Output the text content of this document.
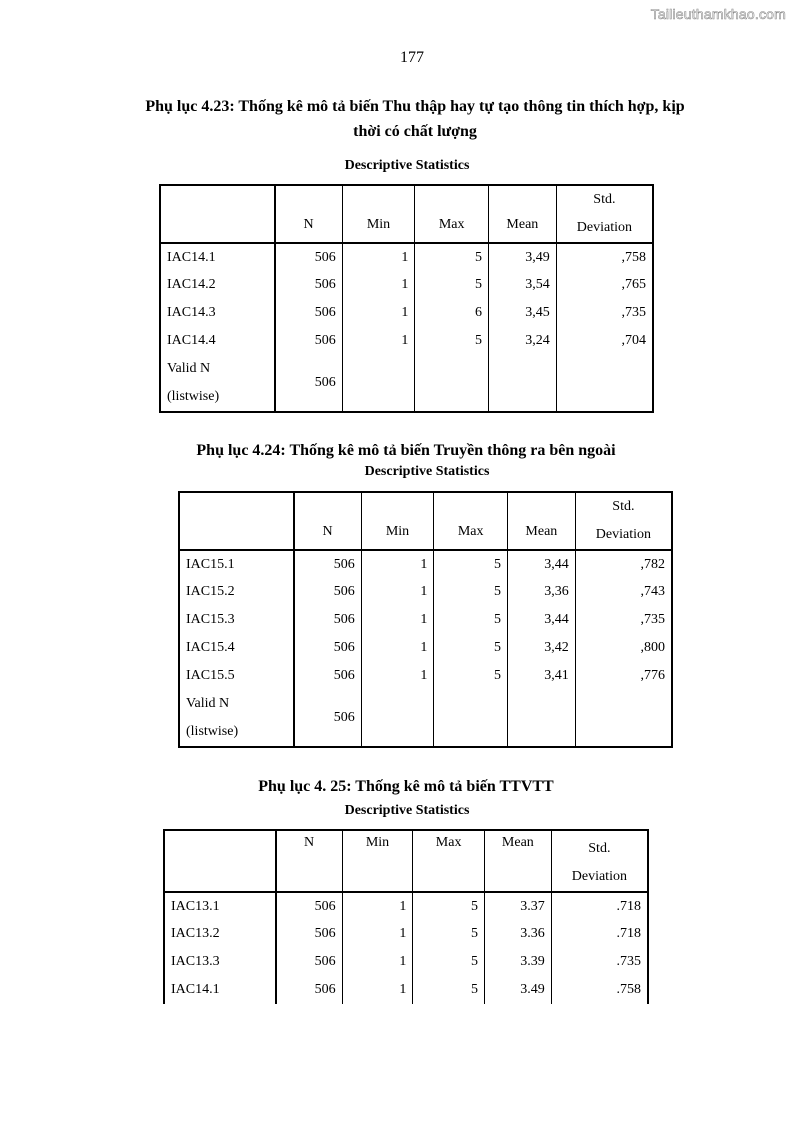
Tailieuthamkhao.com
177
Phụ lục 4.23: Thống kê mô tả biến Thu thập hay tự tạo thông tin thích hợp, kịp
thời có chất lượng
Descriptive Statistics
	N	Min	Max	Mean	Std.
Deviation

IAC14.1	506	1	5	3,49	,758
IAC14.2	506	1	5	3,54	,765
IAC14.3	506	1	6	3,45	,735
IAC14.4	506	1	5	3,24	,704

Valid N
(listwise)	506				
Phụ lục 4.24: Thống kê mô tả biến Truyền thông ra bên ngoài
Descriptive Statistics
	N	Min	Max	Mean	Std.
Deviation

IAC15.1	506	1	5	3,44	,782
IAC15.2	506	1	5	3,36	,743
IAC15.3	506	1	5	3,44	,735
IAC15.4	506	1	5	3,42	,800
IAC15.5	506	1	5	3,41	,776

Valid N
(listwise)	506				
Phụ lục 4. 25: Thống kê mô tả biến TTVTT
Descriptive Statistics
	N	Min	Max	Mean	Std.
Deviation

IAC13.1	506	1	5	3.37	.718
IAC13.2	506	1	5	3.36	.718
IAC13.3	506	1	5	3.39	.735
IAC14.1	506	1	5	3.49	.758
